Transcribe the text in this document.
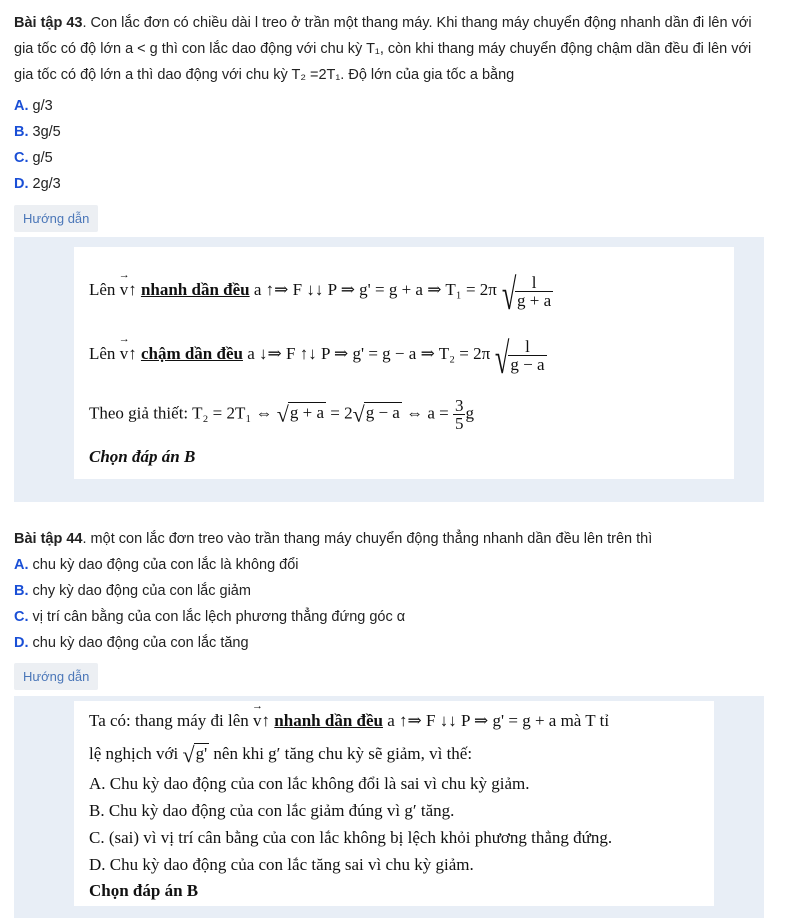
Bài tập 43. Con lắc đơn có chiều dài l treo ở trần một thang máy. Khi thang máy chuyển động nhanh dần đi lên với
gia tốc có độ lớn a < g thì con lắc dao động với chu kỳ T₁, còn khi thang máy chuyển động chậm dần đều đi lên với
gia tốc có độ lớn a thì dao động với chu kỳ T₂ =2T₁. Độ lớn của gia tốc a bằng
A. g/3
B. 3g/5
C. g/5
D. 2g/3
Hướng dẫn
Lên → v↑ nhanh dần đều a ↑⇒ F ↓↓ P ⇒ g' = g + a ⇒ T₁ = 2π √
$\frac{l}{g + a}$
Lên → v↑ chậm dần đều a ↓⇒ F ↑↓ P ⇒ g' = g − a ⇒ T₂ = 2π √
$\frac{l}{g - a}$
Theo giả thiết: T₂ = 2T₁ ⇔ √g + a = 2√g − a ⇔ $a = \frac{3}{5}$ g
Chọn đáp án B
Bài tập 44. một con lắc đơn treo vào trần thang máy chuyển động thẳng nhanh dần đều lên trên thì
A. chu kỳ dao động của con lắc là không đổi
B. chy kỳ dao động của con lắc giảm
C. vị trí cân bằng của con lắc lệch phương thẳng đứng góc α
D. chu kỳ dao động của con lắc tăng
Hướng dẫn
Ta có: thang máy đi lên → v↑ nhanh dần đều a ↑⇒ F ↓↓ P ⇒ g' = g + a mà T tỉ
lệ nghịch với √g' nên khi g′ tăng chu kỳ sẽ giảm, vì thế:
A. Chu kỳ dao động của con lắc không đổi là sai vì chu kỳ giảm.
B. Chu kỳ dao động của con lắc giảm đúng vì g′ tăng.
C. (sai) vì vị trí cân bằng của con lắc không bị lệch khỏi phương thẳng đứng.
D. Chu kỳ dao động của con lắc tăng sai vì chu kỳ giảm.
Chọn đáp án B
